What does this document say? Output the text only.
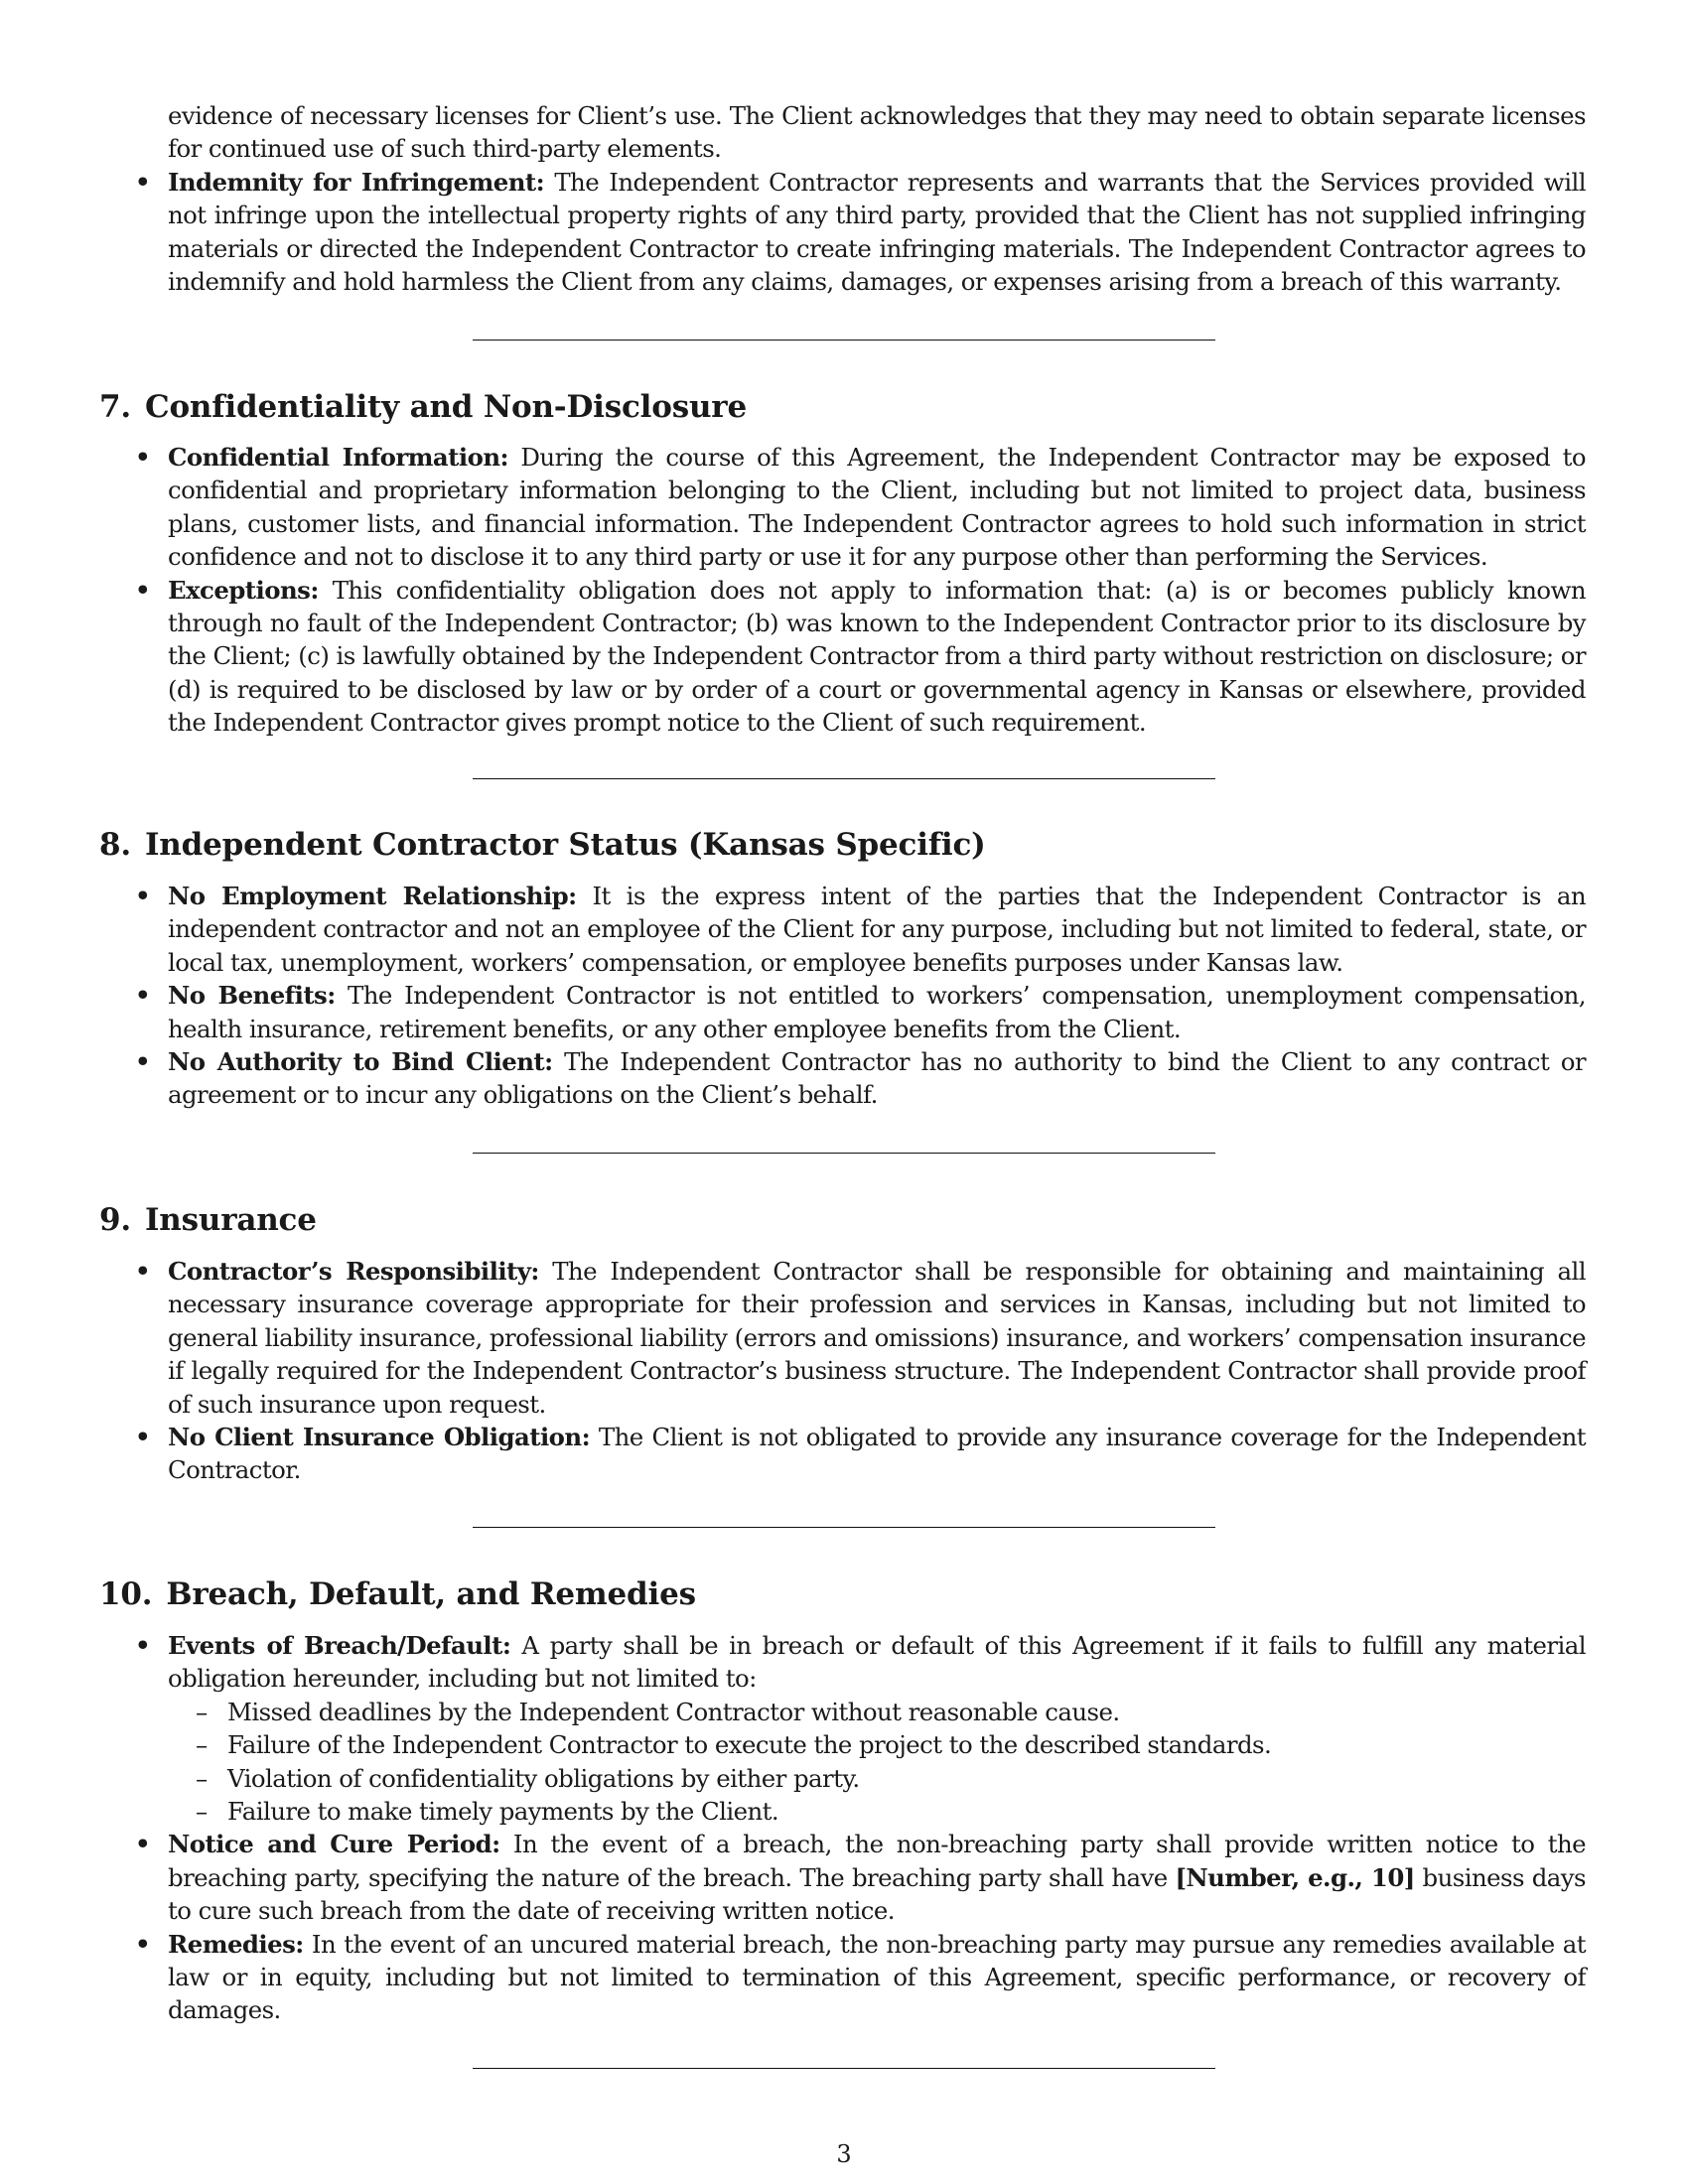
evidence of necessary licenses for Client’s use. The Client acknowledges that they may need to obtain separate licenses for continued use of such third-party elements.

• Indemnity for Infringement: The Independent Contractor represents and warrants that the Services provided will not infringe upon the intellectual property rights of any third party, provided that the Client has not supplied infringing materials or directed the Independent Contractor to create infringing materials. The Independent Contractor agrees to indemnify and hold harmless the Client from any claims, damages, or expenses arising from a breach of this warranty.
7. Confidentiality and Non-Disclosure
• Confidential Information: During the course of this Agreement, the Independent Contractor may be exposed to confidential and proprietary information belonging to the Client, including but not limited to project data, business plans, customer lists, and financial information. The Independent Contractor agrees to hold such information in strict confidence and not to disclose it to any third party or use it for any purpose other than performing the Services.
• Exceptions: This confidentiality obligation does not apply to information that: (a) is or becomes publicly known through no fault of the Independent Contractor; (b) was known to the Independent Contractor prior to its disclosure by the Client; (c) is lawfully obtained by the Independent Contractor from a third party without restriction on disclosure; or (d) is required to be disclosed by law or by order of a court or governmental agency in Kansas or elsewhere, provided the Independent Contractor gives prompt notice to the Client of such requirement.
8. Independent Contractor Status (Kansas Specific)
• No Employment Relationship: It is the express intent of the parties that the Independent Contractor is an independent contractor and not an employee of the Client for any purpose, including but not limited to federal, state, or local tax, unemployment, workers’ compensation, or employee benefits purposes under Kansas law.
• No Benefits: The Independent Contractor is not entitled to workers’ compensation, unemployment compensation, health insurance, retirement benefits, or any other employee benefits from the Client.
• No Authority to Bind Client: The Independent Contractor has no authority to bind the Client to any contract or agreement or to incur any obligations on the Client’s behalf.
9. Insurance
• Contractor’s Responsibility: The Independent Contractor shall be responsible for obtaining and maintaining all necessary insurance coverage appropriate for their profession and services in Kansas, including but not limited to general liability insurance, professional liability (errors and omissions) insurance, and workers’ compensation insurance if legally required for the Independent Contractor’s business structure. The Independent Contractor shall provide proof of such insurance upon request.
• No Client Insurance Obligation: The Client is not obligated to provide any insurance coverage for the Independent Contractor.
10. Breach, Default, and Remedies
• Events of Breach/Default: A party shall be in breach or default of this Agreement if it fails to fulfill any material obligation hereunder, including but not limited to:
– Missed deadlines by the Independent Contractor without reasonable cause.
– Failure of the Independent Contractor to execute the project to the described standards.
– Violation of confidentiality obligations by either party.
– Failure to make timely payments by the Client.
• Notice and Cure Period: In the event of a breach, the non-breaching party shall provide written notice to the breaching party, specifying the nature of the breach. The breaching party shall have [Number, e.g., 10] business days to cure such breach from the date of receiving written notice.
• Remedies: In the event of an uncured material breach, the non-breaching party may pursue any remedies available at law or in equity, including but not limited to termination of this Agreement, specific performance, or recovery of damages.
3
